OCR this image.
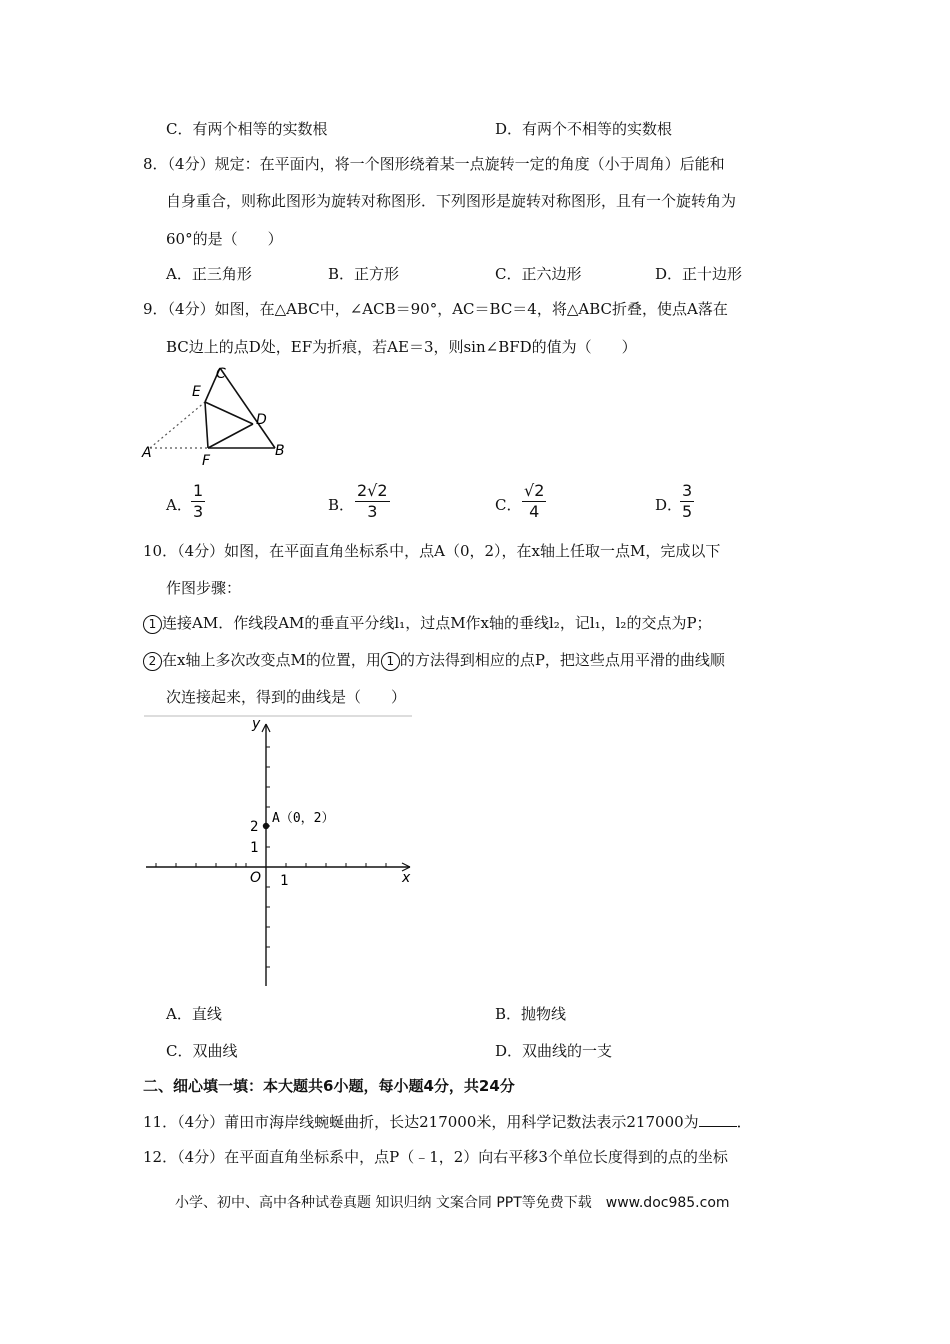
C．有两个相等的实数根	D．有两个不相等的实数根
8．（4分）规定：在平面内，将一个图形绕着某一点旋转一定的角度（小于周角）后能和
自身重合，则称此图形为旋转对称图形．下列图形是旋转对称图形，且有一个旋转角为
60°的是（　　）
A．正三角形	B．正方形	C．正六边形	D．正十边形
9．（4分）如图，在△ABC中，∠ACB＝90°，AC＝BC＝4，将△ABC折叠，使点A落在
BC边上的点D处，EF为折痕，若AE＝3，则sin∠BFD的值为（　　）
C
E
D
A	F
B
A． $\frac{1}{3}$	B． $\frac{2√2}{3}$	C． $\frac{√2}{4}$	D．
$\frac{3}{5}$
10．（4分）如图，在平面直角坐标系中，点A（0，2），在x轴上任取一点M，完成以下
作图步骤：
1 连接AM．作线段AM的垂直平分线l₁，过点M作x轴的垂线l₂，记l₁，l₂的交点为P；
2 在x轴上多次改变点M的位置，用 1 的方法得到相应的点P，把这些点用平滑的曲线顺
次连接起来，得到的曲线是（　　）
y
x
O 1
1
2
A（0，2）
A．直线	B．抛物线
C．双曲线	D．双曲线的一支
二、细心填一填：本大题共6小题，每小题4分，共24分
11．（4分）莆田市海岸线蜿蜒曲折，长达217000米，用科学记数法表示217000为	．
12．（4分）在平面直角坐标系中，点P（﹣1，2）向右平移3个单位长度得到的点的坐标
小学、初中、高中各种试卷真题 知识归纳 文案合同 PPT等免费下载　www.doc985.com
